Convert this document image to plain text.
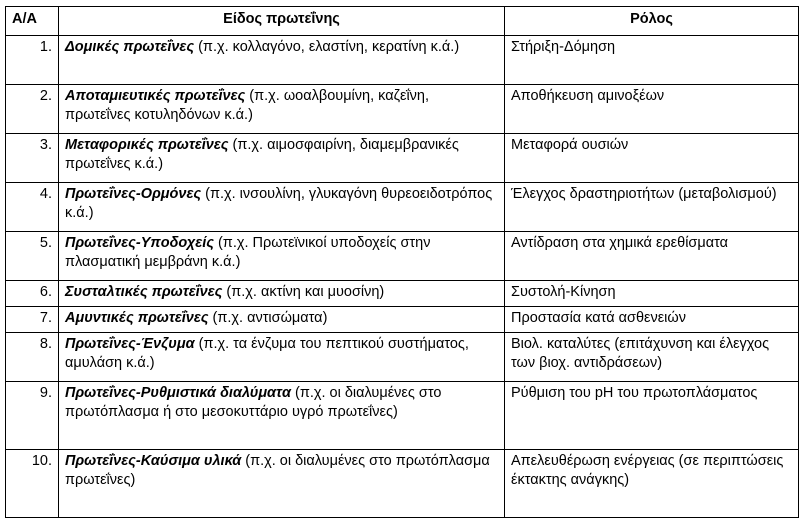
Α/Α	Είδος πρωτεΐνης	Ρόλος
1.	Δομικές πρωτεΐνες (π.χ. κολλαγόνο, ελαστίνη, κερατίνη κ.ά.)	Στήριξη-Δόμηση
2.	Αποταμιευτικές πρωτεΐνες (π.χ. ωοαλβουμίνη, καζεΐνη, πρωτεΐνες κοτυληδόνων κ.ά.)	Αποθήκευση αμινοξέων
3.	Μεταφορικές πρωτεΐνες (π.χ. αιμοσφαιρίνη, διαμεμβρανικές πρωτεΐνες κ.ά.)	Μεταφορά ουσιών
4.	Πρωτεΐνες-Ορμόνες (π.χ. ινσουλίνη, γλυκαγόνη θυρεοειδοτρόπος κ.ά.)	Έλεγχος δραστηριοτήτων (μεταβολισμού)
5.	Πρωτεΐνες-Υποδοχείς (π.χ. Πρωτεϊνικοί υποδοχείς στην πλασματική μεμβράνη κ.ά.)	Αντίδραση στα χημικά ερεθίσματα
6.	Συσταλτικές πρωτεΐνες (π.χ. ακτίνη και μυοσίνη)	Συστολή-Κίνηση
7.	Αμυντικές πρωτεΐνες (π.χ. αντισώματα)	Προστασία κατά ασθενειών
8.	Πρωτεΐνες-Ένζυμα (π.χ. τα ένζυμα του πεπτικού συστήματος, αμυλάση κ.ά.)	Βιολ. καταλύτες (επιτάχυνση και έλεγχος των βιοχ. αντιδράσεων)
9.	Πρωτεΐνες-Ρυθμιστικά διαλύματα (π.χ. οι διαλυμένες στο πρωτόπλασμα ή στο μεσοκυττάριο υγρό πρωτεΐνες)	Ρύθμιση του pH του πρωτοπλάσματος
10.	Πρωτεΐνες-Καύσιμα υλικά (π.χ. οι διαλυμένες στο πρωτόπλασμα πρωτεΐνες)	Απελευθέρωση ενέργειας (σε περιπτώσεις έκτακτης ανάγκης)
